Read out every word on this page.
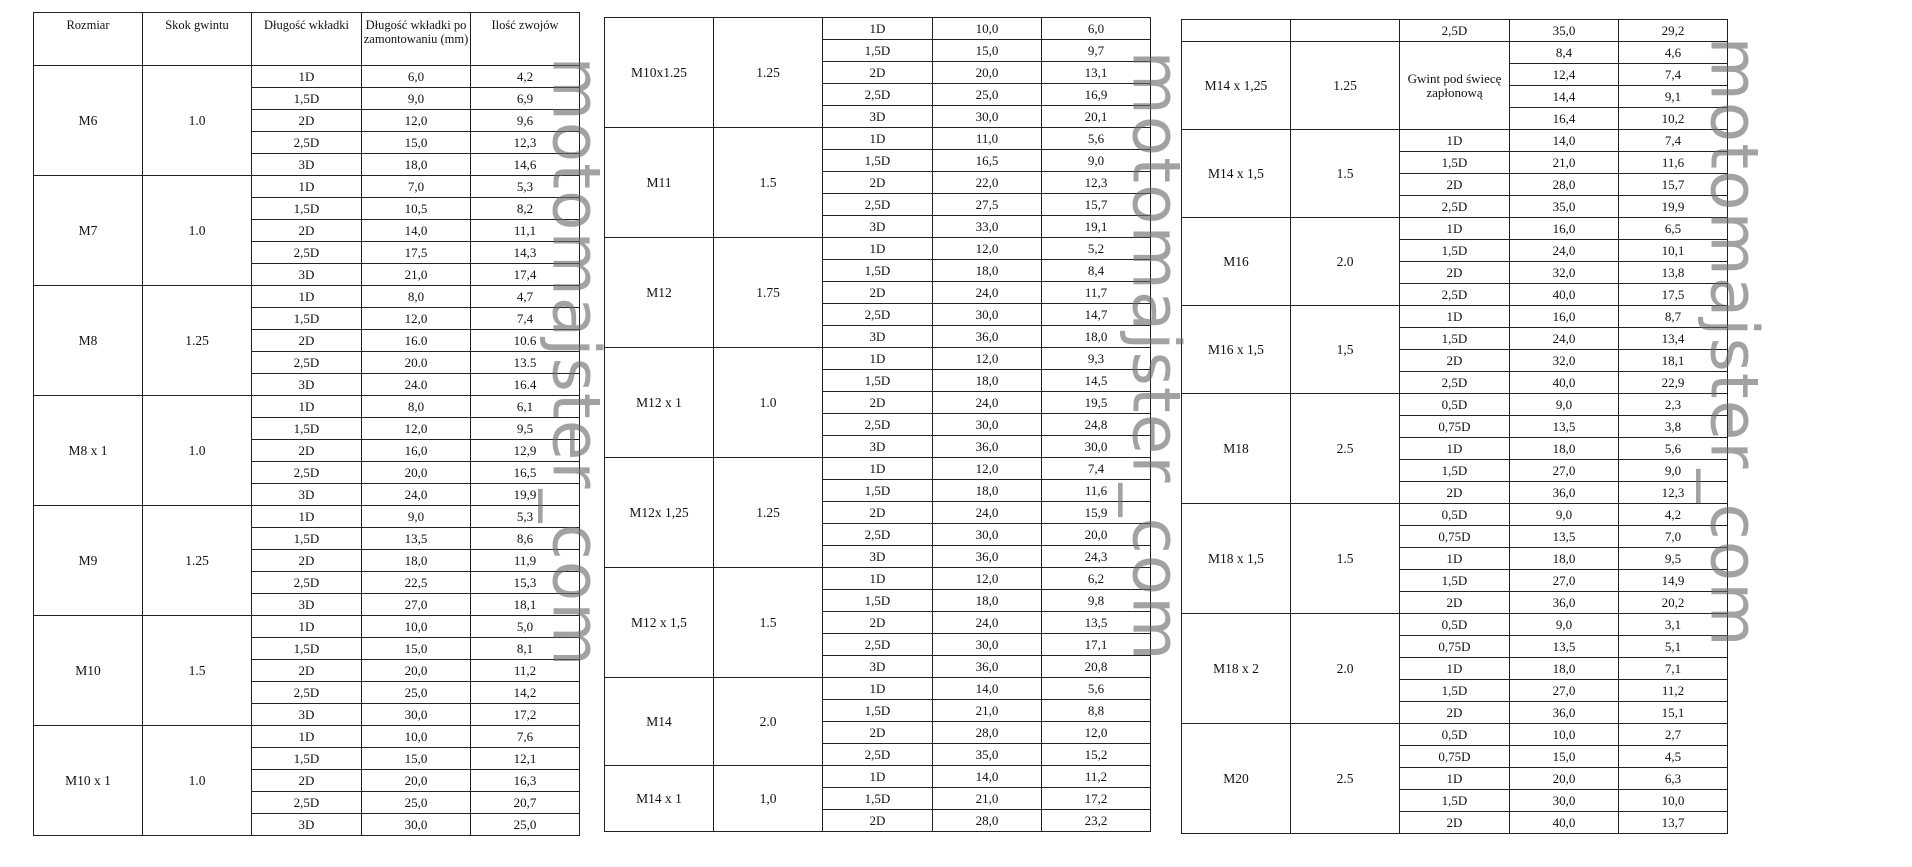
Rozmiar	Skok gwintu	Długość wkładki	Długość wkładki po zamontowaniu (mm)	Ilość zwojów
M6	1.0	1D	6,0	4,2
		1,5D	9,0	6,9
		2D	12,0	9,6
		2,5D	15,0	12,3
		3D	18,0	14,6
M7	1.0	1D	7,0	5,3
		1,5D	10,5	8,2
		2D	14,0	11,1
		2,5D	17,5	14,3
		3D	21,0	17,4
M8	1.25	1D	8,0	4,7
		1,5D	12,0	7,4
		2D	16.0	10.6
		2,5D	20.0	13.5
		3D	24.0	16.4
M8 x 1	1.0	1D	8,0	6,1
		1,5D	12,0	9,5
		2D	16,0	12,9
		2,5D	20,0	16,5
		3D	24,0	19,9
M9	1.25	1D	9,0	5,3
		1,5D	13,5	8,6
		2D	18,0	11,9
		2,5D	22,5	15,3
		3D	27,0	18,1
M10	1.5	1D	10,0	5,0
		1,5D	15,0	8,1
		2D	20,0	11,2
		2,5D	25,0	14,2
		3D	30,0	17,2
M10 x 1	1.0	1D	10,0	7,6
		1,5D	15,0	12,1
		2D	20,0	16,3
		2,5D	25,0	20,7
		3D	30,0	25,0
M10x1.25	1.25	1D	10,0	6,0
		1,5D	15,0	9,7
		2D	20,0	13,1
		2,5D	25,0	16,9
		3D	30,0	20,1
M11	1.5	1D	11,0	5,6
		1,5D	16,5	9,0
		2D	22,0	12,3
		2,5D	27,5	15,7
		3D	33,0	19,1
M12	1.75	1D	12,0	5,2
		1,5D	18,0	8,4
		2D	24,0	11,7
		2,5D	30,0	14,7
		3D	36,0	18,0
M12 x 1	1.0	1D	12,0	9,3
		1,5D	18,0	14,5
		2D	24,0	19,5
		2,5D	30,0	24,8
		3D	36,0	30,0
M12x 1,25	1.25	1D	12,0	7,4
		1,5D	18,0	11,6
		2D	24,0	15,9
		2,5D	30,0	20,0
		3D	36,0	24,3
M12 x 1,5	1.5	1D	12,0	6,2
		1,5D	18,0	9,8
		2D	24,0	13,5
		2,5D	30,0	17,1
		3D	36,0	20,8
M14	2.0	1D	14,0	5,6
		1,5D	21,0	8,8
		2D	28,0	12,0
		2,5D	35,0	15,2
M14 x 1	1,0	1D	14,0	11,2
		1,5D	21,0	17,2
		2D	28,0	23,2
		2,5D	35,0	29,2
M14 x 1,25	1.25	Gwint pod świecę zapłonową	8,4	4,6
			12,4	7,4
			14,4	9,1
			16,4	10,2
M14 x 1,5	1.5	1D	14,0	7,4
		1,5D	21,0	11,6
		2D	28,0	15,7
		2,5D	35,0	19,9
M16	2.0	1D	16,0	6,5
		1,5D	24,0	10,1
		2D	32,0	13,8
		2,5D	40,0	17,5
M16 x 1,5	1,5	1D	16,0	8,7
		1,5D	24,0	13,4
		2D	32,0	18,1
		2,5D	40,0	22,9
M18	2.5	0,5D	9,0	2,3
		0,75D	13,5	3,8
		1D	18,0	5,6
		1,5D	27,0	9,0
		2D	36,0	12,3
M18 x 1,5	1.5	0,5D	9,0	4,2
		0,75D	13,5	7,0
		1D	18,0	9,5
		1,5D	27,0	14,9
		2D	36,0	20,2
M18 x 2	2.0	0,5D	9,0	3,1
		0,75D	13,5	5,1
		1D	18,0	7,1
		1,5D	27,0	11,2
		2D	36,0	15,1
M20	2.5	0,5D	10,0	2,7
		0,75D	15,0	4,5
		1D	20,0	6,3
		1,5D	30,0	10,0
		2D	40,0	13,7
motomajster_com	motomajster_com	motomajster_com
